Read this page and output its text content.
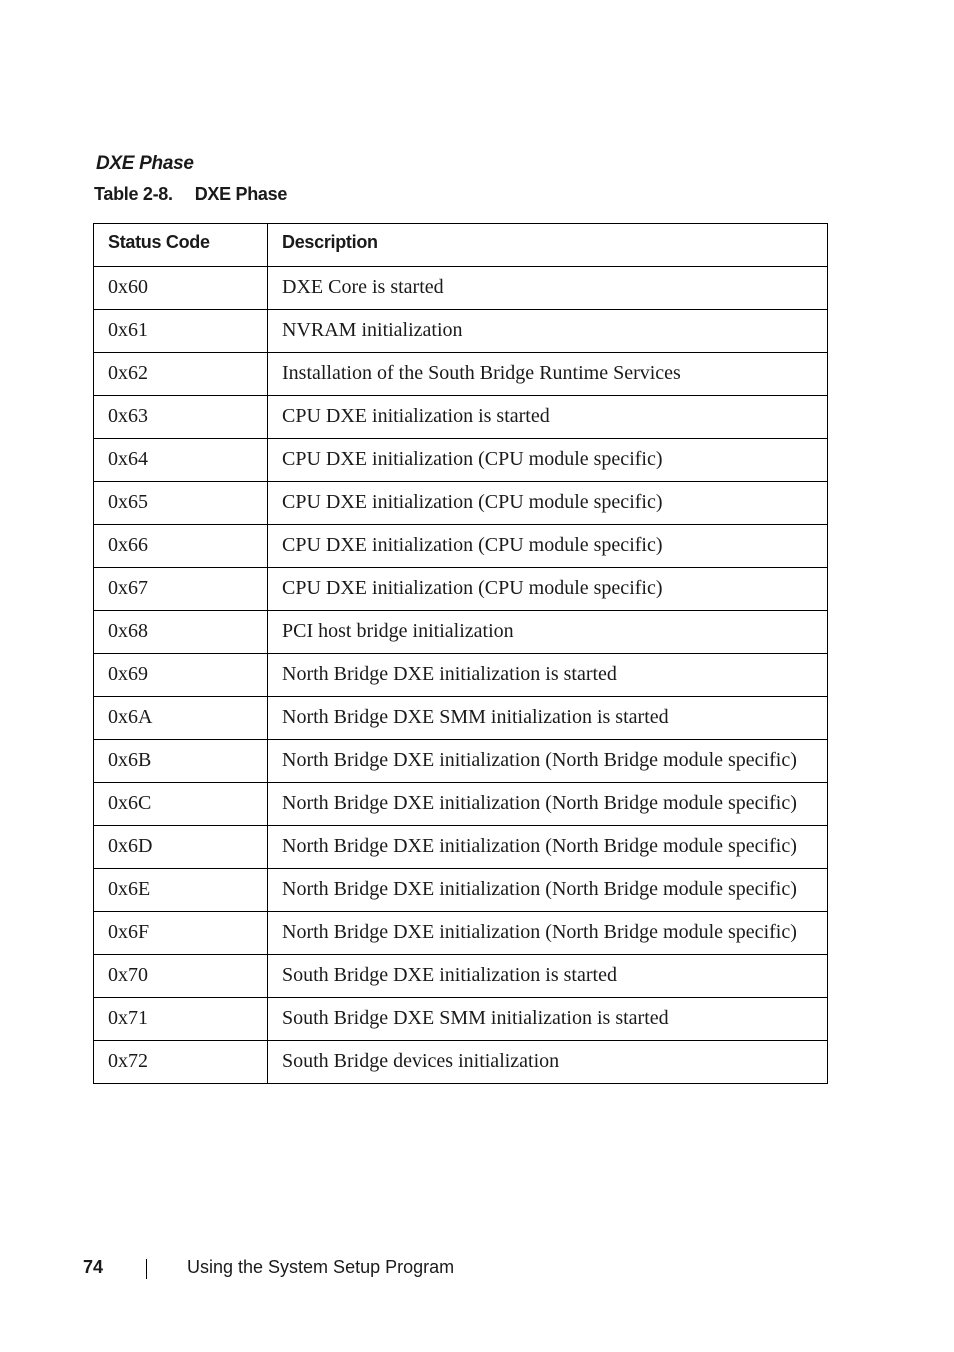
DXE Phase
Table 2-8. DXE Phase
Status Code	Description
0x60	DXE Core is started
0x61	NVRAM initialization
0x62	Installation of the South Bridge Runtime Services
0x63	CPU DXE initialization is started
0x64	CPU DXE initialization (CPU module specific)
0x65	CPU DXE initialization (CPU module specific)
0x66	CPU DXE initialization (CPU module specific)
0x67	CPU DXE initialization (CPU module specific)
0x68	PCI host bridge initialization
0x69	North Bridge DXE initialization is started
0x6A	North Bridge DXE SMM initialization is started
0x6B	North Bridge DXE initialization (North Bridge module specific)
0x6C	North Bridge DXE initialization (North Bridge module specific)
0x6D	North Bridge DXE initialization (North Bridge module specific)
0x6E	North Bridge DXE initialization (North Bridge module specific)
0x6F	North Bridge DXE initialization (North Bridge module specific)
0x70	South Bridge DXE initialization is started
0x71	South Bridge DXE SMM initialization is started
0x72	South Bridge devices initialization
74	Using the System Setup Program
